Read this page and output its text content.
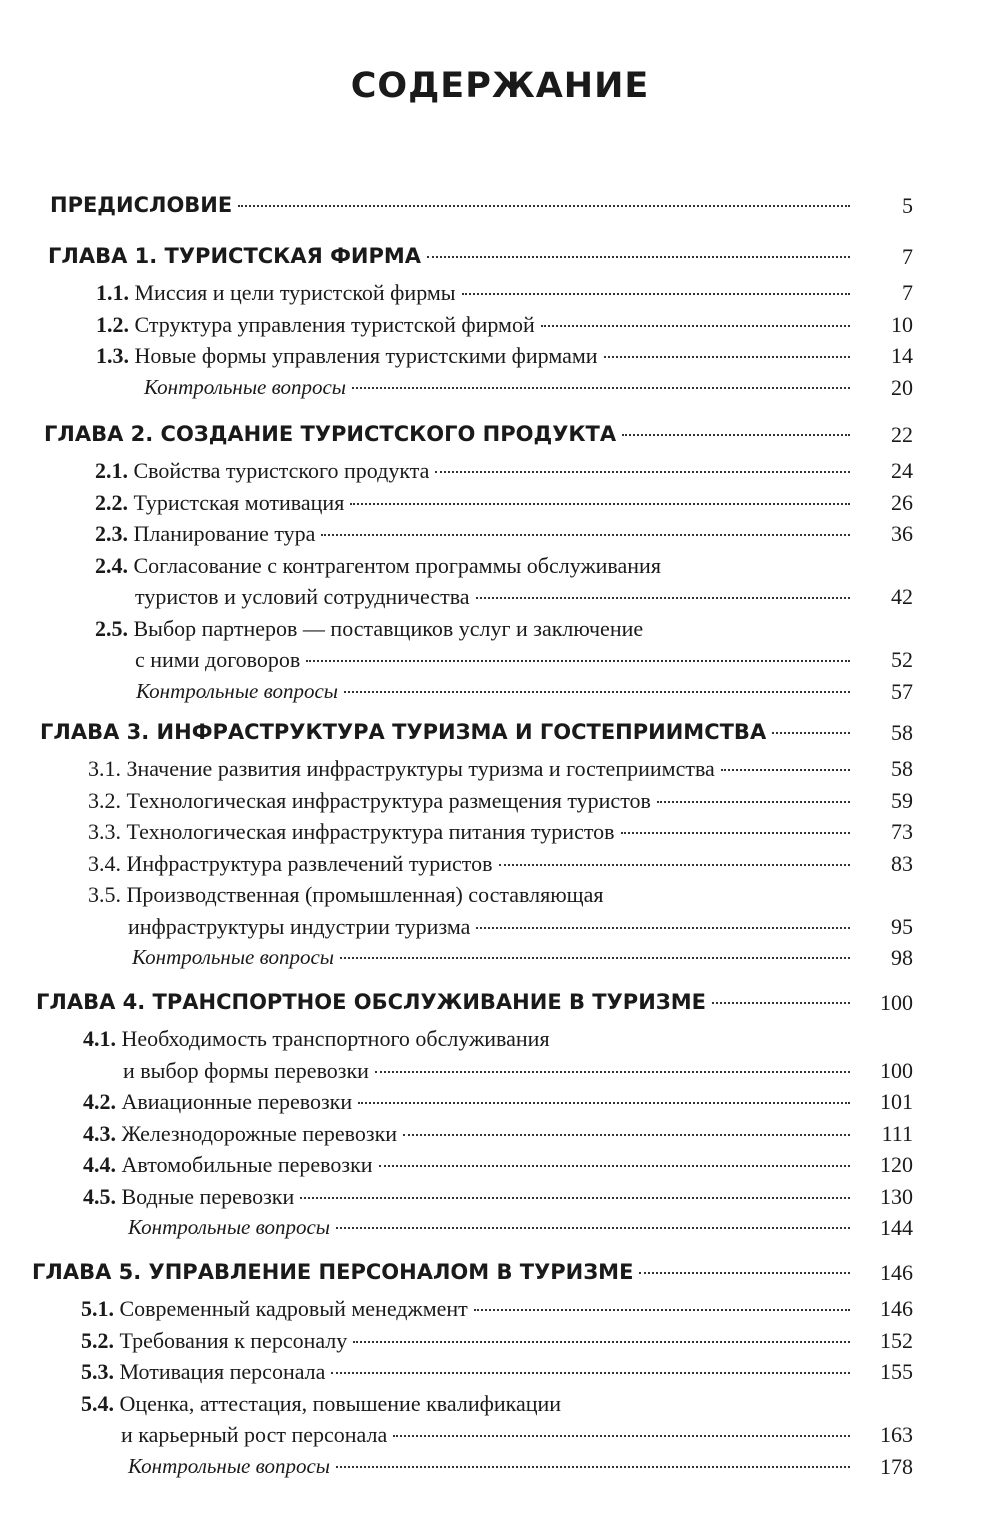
СОДЕРЖАНИЕ
ПРЕДИСЛОВИЕ	5
ГЛАВА 1. ТУРИСТСКАЯ ФИРМА	7
1.1. Миссия и цели туристской фирмы	7
1.2. Структура управления туристской фирмой	10
1.3. Новые формы управления туристскими фирмами	14
Контрольные вопросы	20
ГЛАВА 2. СОЗДАНИЕ ТУРИСТСКОГО ПРОДУКТА	22
2.1. Свойства туристского продукта	24
2.2. Туристская мотивация	26
2.3. Планирование тура	36
2.4. Согласование с контрагентом программы обслуживания
туристов и условий сотрудничества	42
2.5. Выбор партнеров — поставщиков услуг и заключение
с ними договоров	52
Контрольные вопросы	57
ГЛАВА 3. ИНФРАСТРУКТУРА ТУРИЗМА И ГОСТЕПРИИМСТВА	58
3.1. Значение развития инфраструктуры туризма и гостеприимства	58
3.2. Технологическая инфраструктура размещения туристов	59
3.3. Технологическая инфраструктура питания туристов	73
3.4. Инфраструктура развлечений туристов	83
3.5. Производственная (промышленная) составляющая
инфраструктуры индустрии туризма	95
Контрольные вопросы	98
ГЛАВА 4. ТРАНСПОРТНОЕ ОБСЛУЖИВАНИЕ В ТУРИЗМЕ	100
4.1. Необходимость транспортного обслуживания
и выбор формы перевозки	100
4.2. Авиационные перевозки	101
4.3. Железнодорожные перевозки	111
4.4. Автомобильные перевозки	120
4.5. Водные перевозки	130
Контрольные вопросы	144
ГЛАВА 5. УПРАВЛЕНИЕ ПЕРСОНАЛОМ В ТУРИЗМЕ	146
5.1. Современный кадровый менеджмент	146
5.2. Требования к персоналу	152
5.3. Мотивация персонала	155
5.4. Оценка, аттестация, повышение квалификации
и карьерный рост персонала	163
Контрольные вопросы	178
